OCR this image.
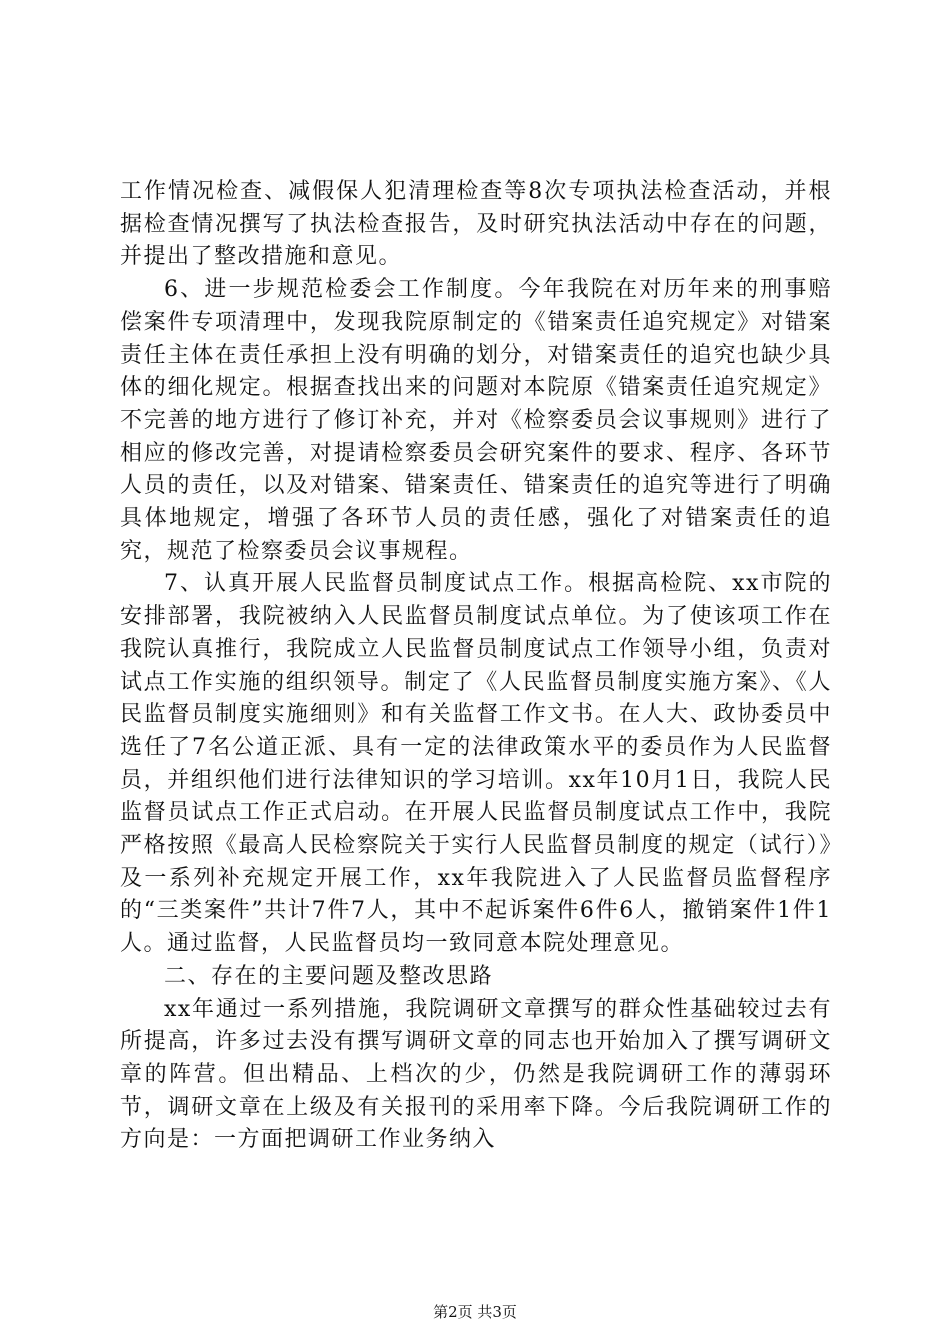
工作情况检查、减假保人犯清理检查等8次专项执法检查活动，并根据检查情况撰写了执法检查报告，及时研究执法活动中存在的问题，并提出了整改措施和意见。

6、进一步规范检委会工作制度。今年我院在对历年来的刑事赔偿案件专项清理中，发现我院原制定的《错案责任追究规定》对错案责任主体在责任承担上没有明确的划分，对错案责任的追究也缺少具体的细化规定。根据查找出来的问题对本院原《错案责任追究规定》不完善的地方进行了修订补充，并对《检察委员会议事规则》进行了相应的修改完善，对提请检察委员会研究案件的要求、程序、各环节人员的责任，以及对错案、错案责任、错案责任的追究等进行了明确具体地规定，增强了各环节人员的责任感，强化了对错案责任的追究，规范了检察委员会议事规程。

7、认真开展人民监督员制度试点工作。根据高检院、xx市院的安排部署，我院被纳入人民监督员制度试点单位。为了使该项工作在我院认真推行，我院成立人民监督员制度试点工作领导小组，负责对试点工作实施的组织领导。制定了《人民监督员制度实施方案》、《人民监督员制度实施细则》和有关监督工作文书。在人大、政协委员中选任了7名公道正派、具有一定的法律政策水平的委员作为人民监督员，并组织他们进行法律知识的学习培训。xx年10月1日，我院人民监督员试点工作正式启动。在开展人民监督员制度试点工作中，我院严格按照《最高人民检察院关于实行人民监督员制度的规定（试行）》及一系列补充规定开展工作，xx年我院进入了人民监督员监督程序的“三类案件”共计7件7人，其中不起诉案件6件6人，撤销案件1件1人。通过监督，人民监督员均一致同意本院处理意见。

二、存在的主要问题及整改思路

xx年通过一系列措施，我院调研文章撰写的群众性基础较过去有所提高，许多过去没有撰写调研文章的同志也开始加入了撰写调研文章的阵营。但出精品、上档次的少，仍然是我院调研工作的薄弱环节，调研文章在上级及有关报刊的采用率下降。今后我院调研工作的方向是：一方面把调研工作业务纳入

第2页 共3页
